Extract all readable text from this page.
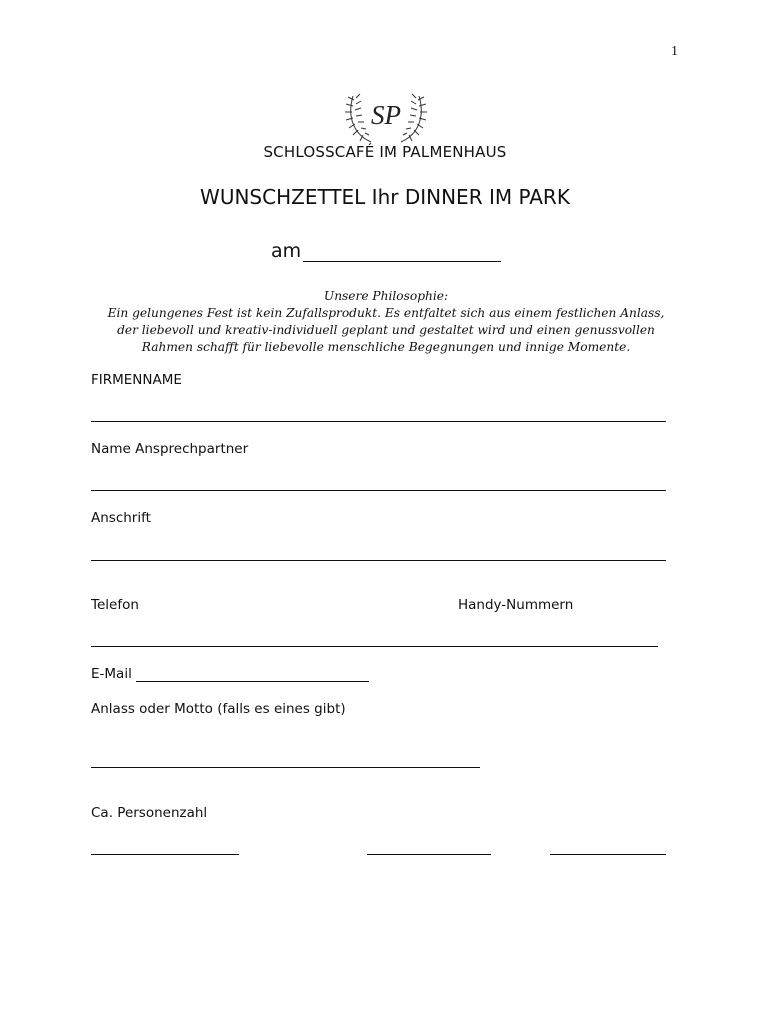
1
SP
SCHLOSSCAFÉ IM PALMENHAUS
WUNSCHZETTEL Ihr DINNER IM PARK
am
Unsere Philosophie:
Ein gelungenes Fest ist kein Zufallsprodukt. Es entfaltet sich aus einem festlichen Anlass, der liebevoll und kreativ-individuell geplant und gestaltet wird und einen genussvollen Rahmen schafft für liebevolle menschliche Begegnungen und innige Momente.
FIRMENNAME
Name Ansprechpartner
Anschrift
Telefon	Handy-Nummern
E-Mail
Anlass oder Motto (falls es eines gibt)
Ca. Personenzahl
